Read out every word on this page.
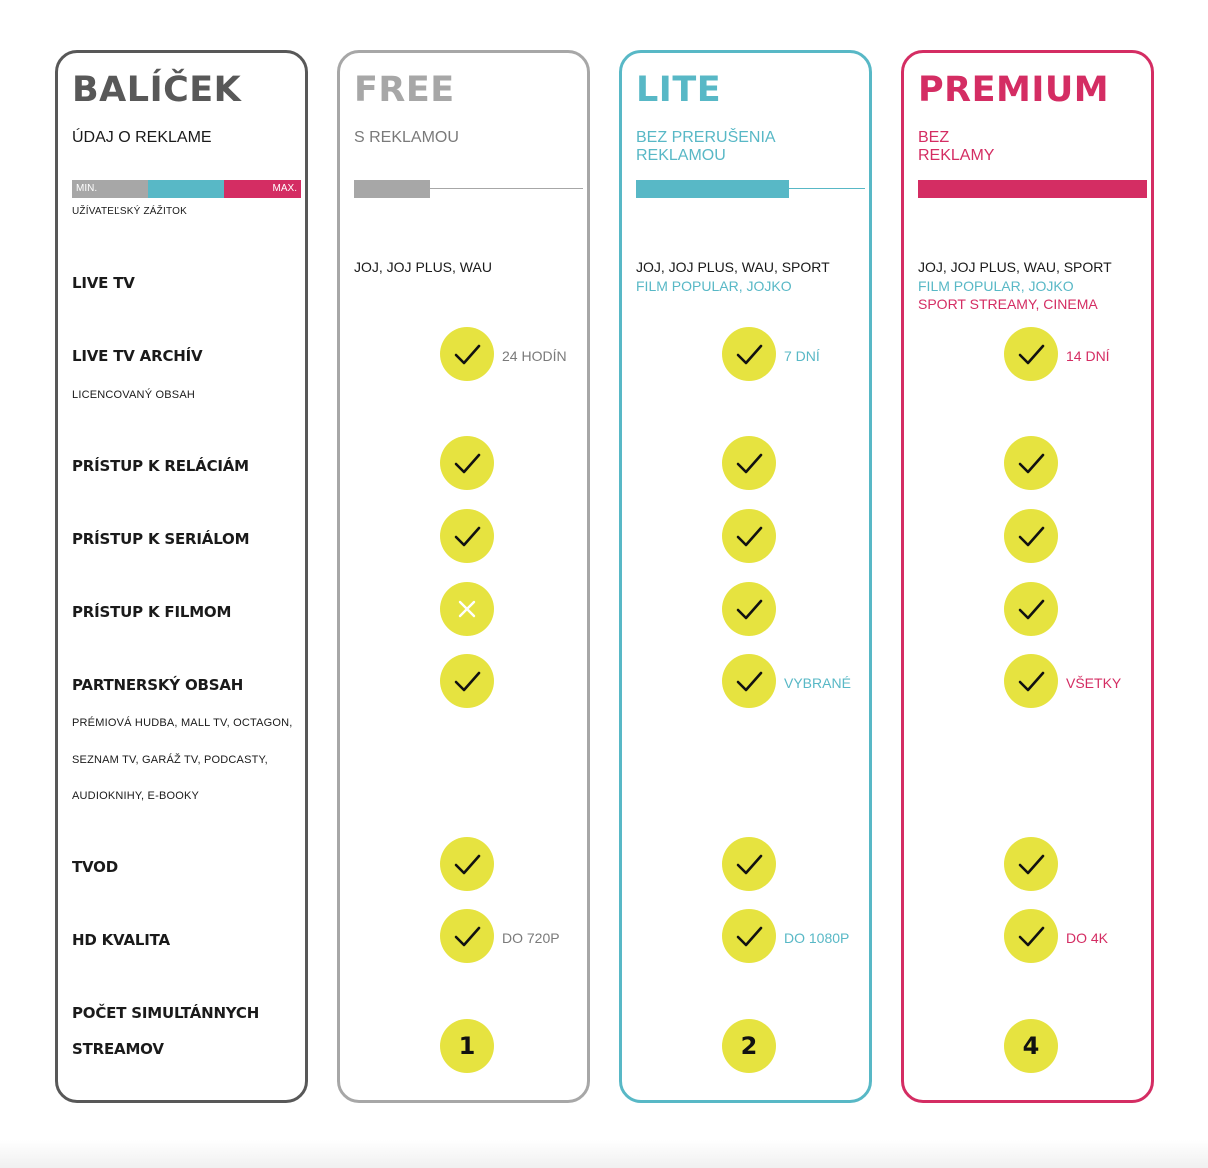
BALÍČEK
ÚDAJ O REKLAME
MIN.	MAX.
UŽÍVATEĽSKÝ ZÁŽITOK
LIVE TV
LIVE TV ARCHÍV
LICENCOVANÝ OBSAH
PRÍSTUP K RELÁCIÁM
PRÍSTUP K SERIÁLOM
PRÍSTUP K FILMOM
PARTNERSKÝ OBSAH
PRÉMIOVÁ HUDBA, MALL TV, OCTAGON,
SEZNAM TV, GARÁŽ TV, PODCASTY,
AUDIOKNIHY, E-BOOKY
TVOD
HD KVALITA
POČET SIMULTÁNNYCH
STREAMOV
FREE
S REKLAMOU
JOJ, JOJ PLUS, WAU
24 HODÍN
DO 720P
1
LITE
BEZ PRERUŠENIA
REKLAMOU
JOJ, JOJ PLUS, WAU, SPORT
FILM POPULAR, JOJKO
7 DNÍ
VYBRANÉ
DO 1080P
2
PREMIUM
BEZ
REKLAMY
JOJ, JOJ PLUS, WAU, SPORT
FILM POPULAR, JOJKO
SPORT STREAMY, CINEMA
14 DNÍ
VŠETKY
DO 4K
4
